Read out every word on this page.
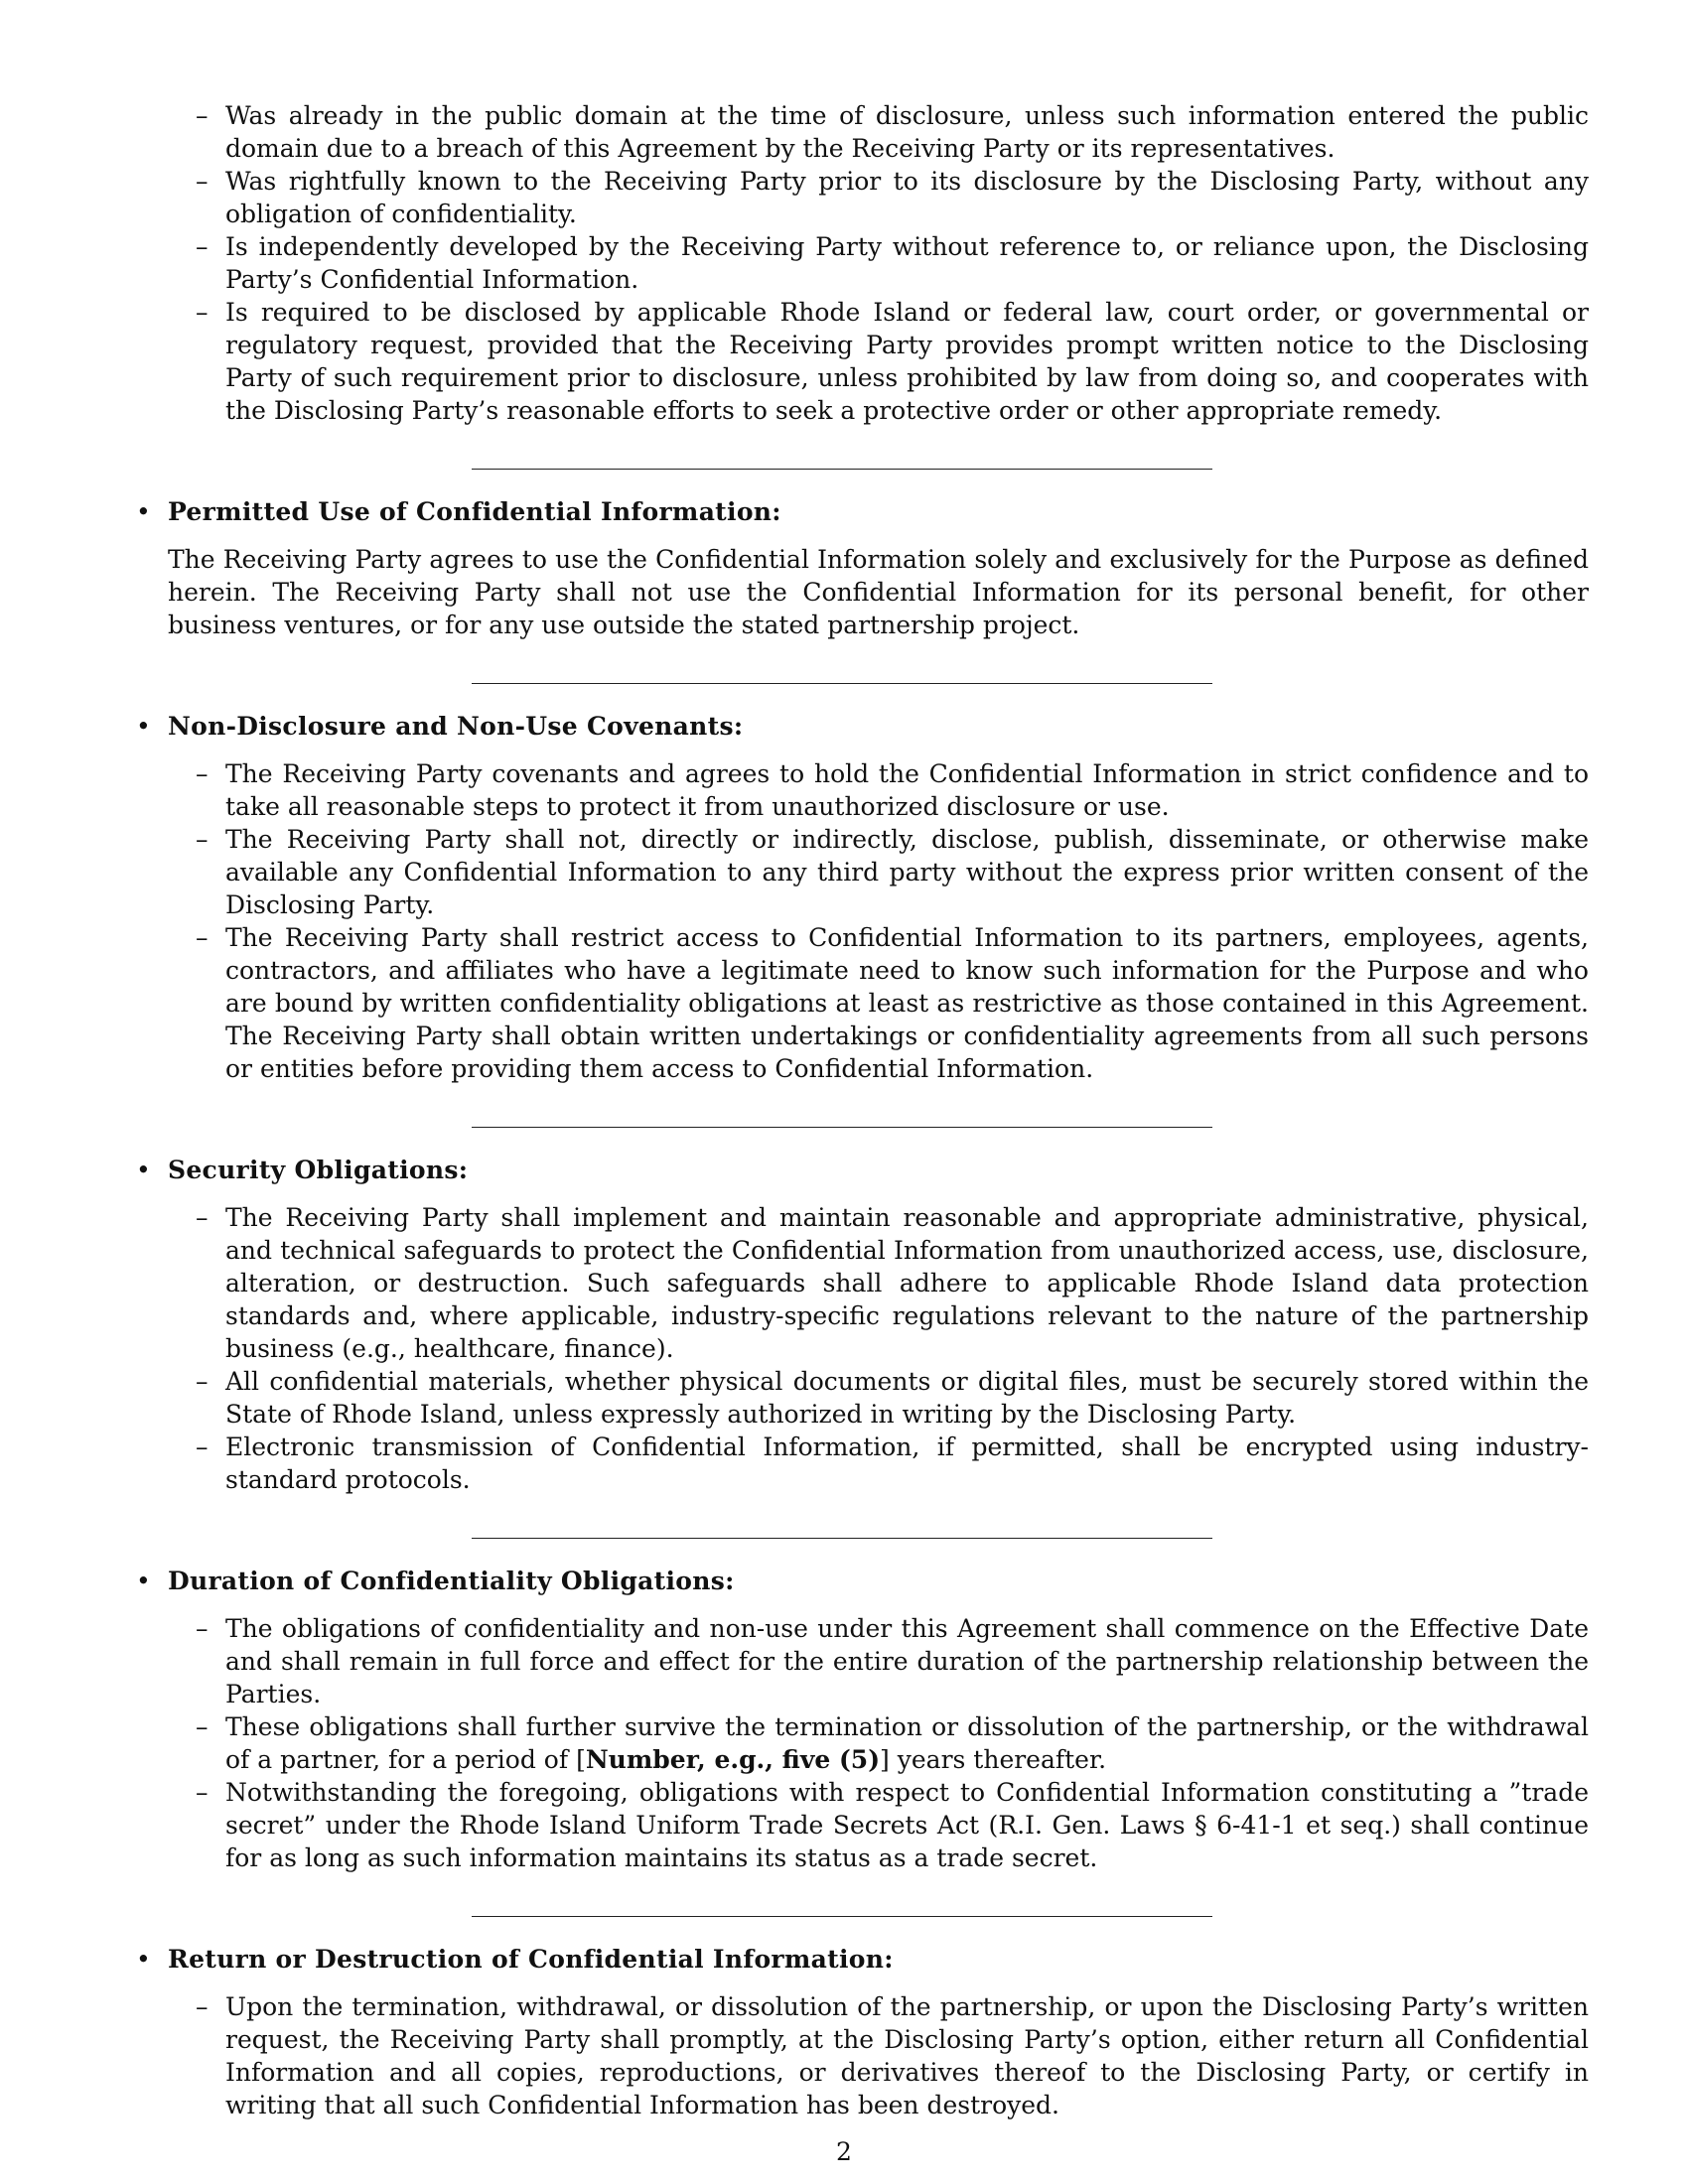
– Was already in the public domain at the time of disclosure, unless such information entered the public domain due to a breach of this Agreement by the Receiving Party or its representatives.
– Was rightfully known to the Receiving Party prior to its disclosure by the Disclosing Party, without any obligation of confidentiality.
– Is independently developed by the Receiving Party without reference to, or reliance upon, the Disclosing Party’s Confidential Information.
– Is required to be disclosed by applicable Rhode Island or federal law, court order, or governmental or regulatory request, provided that the Receiving Party provides prompt written notice to the Disclosing Party of such requirement prior to disclosure, unless prohibited by law from doing so, and cooperates with the Disclosing Party’s reasonable efforts to seek a protective order or other appropriate remedy.
• Permitted Use of Confidential Information:

The Receiving Party agrees to use the Confidential Information solely and exclusively for the Purpose as defined herein. The Receiving Party shall not use the Confidential Information for its personal benefit, for other business ventures, or for any use outside the stated partnership project.

• Non-Disclosure and Non-Use Covenants:
– The Receiving Party covenants and agrees to hold the Confidential Information in strict confidence and to take all reasonable steps to protect it from unauthorized disclosure or use.
– The Receiving Party shall not, directly or indirectly, disclose, publish, disseminate, or otherwise make available any Confidential Information to any third party without the express prior written consent of the Disclosing Party.
– The Receiving Party shall restrict access to Confidential Information to its partners, employees, agents, contractors, and affiliates who have a legitimate need to know such information for the Purpose and who are bound by written confidentiality obligations at least as restrictive as those contained in this Agreement. The Receiving Party shall obtain written undertakings or confidentiality agreements from all such persons or entities before providing them access to Confidential Information.
• Security Obligations:
– The Receiving Party shall implement and maintain reasonable and appropriate administrative, physical, and technical safeguards to protect the Confidential Information from unauthorized access, use, disclosure, alteration, or destruction. Such safeguards shall adhere to applicable Rhode Island data protection standards and, where applicable, industry-specific regulations relevant to the nature of the partnership business (e.g., healthcare, finance).
– All confidential materials, whether physical documents or digital files, must be securely stored within the State of Rhode Island, unless expressly authorized in writing by the Disclosing Party.
– Electronic transmission of Confidential Information, if permitted, shall be encrypted using industry-standard protocols.
• Duration of Confidentiality Obligations:
– The obligations of confidentiality and non-use under this Agreement shall commence on the Effective Date and shall remain in full force and effect for the entire duration of the partnership relationship between the Parties.
– These obligations shall further survive the termination or dissolution of the partnership, or the withdrawal of a partner, for a period of [Number, e.g., five (5)] years thereafter.
– Notwithstanding the foregoing, obligations with respect to Confidential Information constituting a ”trade secret” under the Rhode Island Uniform Trade Secrets Act (R.I. Gen. Laws § 6-41-1 et seq.) shall continue for as long as such information maintains its status as a trade secret.
• Return or Destruction of Confidential Information:
– Upon the termination, withdrawal, or dissolution of the partnership, or upon the Disclosing Party’s written request, the Receiving Party shall promptly, at the Disclosing Party’s option, either return all Confidential Information and all copies, reproductions, or derivatives thereof to the Disclosing Party, or certify in writing that all such Confidential Information has been destroyed.
2
